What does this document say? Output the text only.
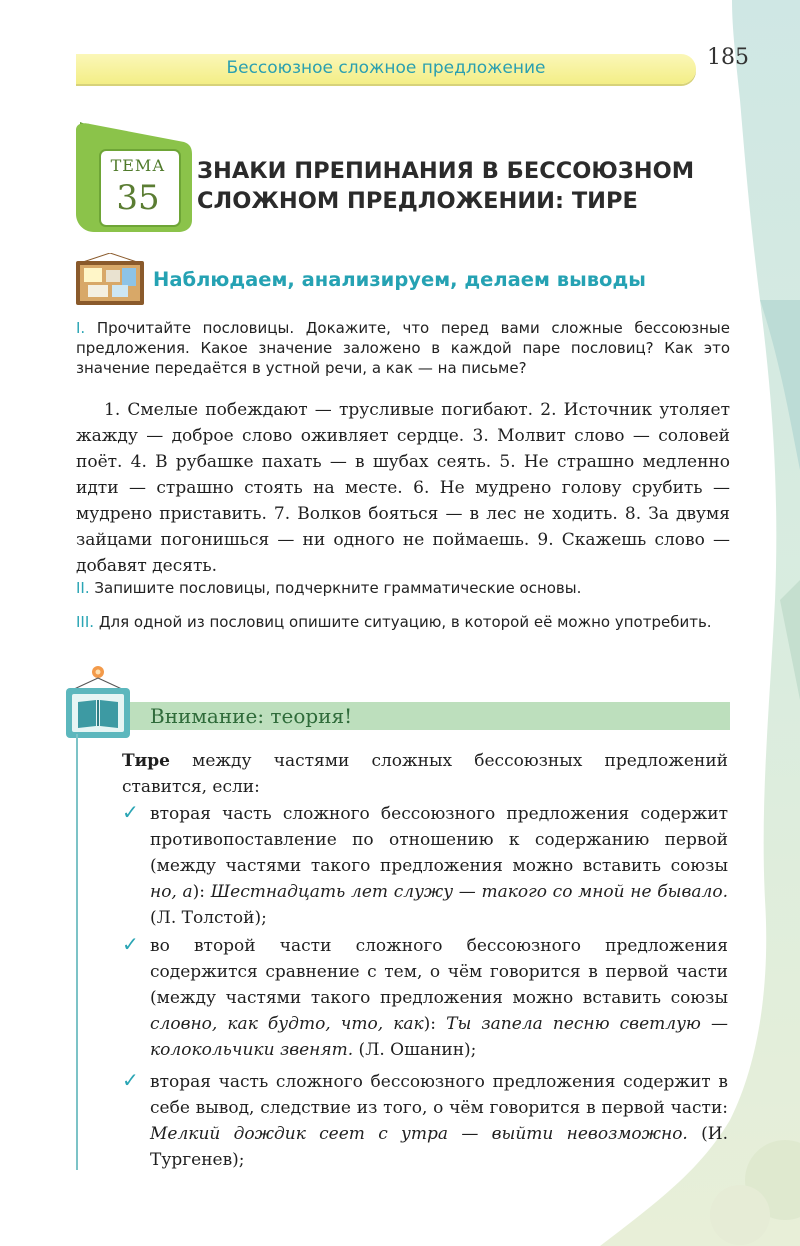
Бессоюзное сложное предложение	185
ТЕМА
35
ЗНАКИ ПРЕПИНАНИЯ В БЕССОЮЗНОМ
СЛОЖНОМ ПРЕДЛОЖЕНИИ: ТИРЕ
Наблюдаем, анализируем, делаем выводы
I. Прочитайте пословицы. Докажите, что перед вами сложные бессоюзные предложения. Какое значение заложено в каждой паре пословиц? Как это значение передаётся в устной речи, а как — на письме?

1. Смелые побеждают — трусливые погибают. 2. Источник утоляет жажду — доброе слово оживляет сердце. 3. Молвит слово — соловей поёт. 4. В рубашке пахать — в шубах сеять. 5. Не страшно медленно идти — страшно стоять на месте. 6. Не мудрено голову срубить — мудрено приставить. 7. Волков бояться — в лес не ходить. 8. За двумя зайцами погонишься — ни одного не поймаешь. 9. Скажешь слово — добавят десять.

II. Запишите пословицы, подчеркните грамматические основы.
III. Для одной из пословиц опишите ситуацию, в которой её можно употребить.
Внимание: теория!
Тире между частями сложных бессоюзных предложений ставится, если:
✓ вторая часть сложного бессоюзного предложения содержит противопоставление по отношению к содержанию первой (между частями такого предложения можно вставить союзы но, а): Шестнадцать лет служу — такого со мной не бывало. (Л. Толстой);
✓ во второй части сложного бессоюзного предложения содержится сравнение с тем, о чём говорится в первой части (между частями такого предложения можно вставить союзы словно, как будто, что, как): Ты запела песню светлую — колокольчики звенят. (Л. Ошанин);
✓ вторая часть сложного бессоюзного предложения содержит в себе вывод, следствие из того, о чём говорится в первой части: Мелкий дождик сеет с утра — выйти невозможно. (И. Тургенев);
